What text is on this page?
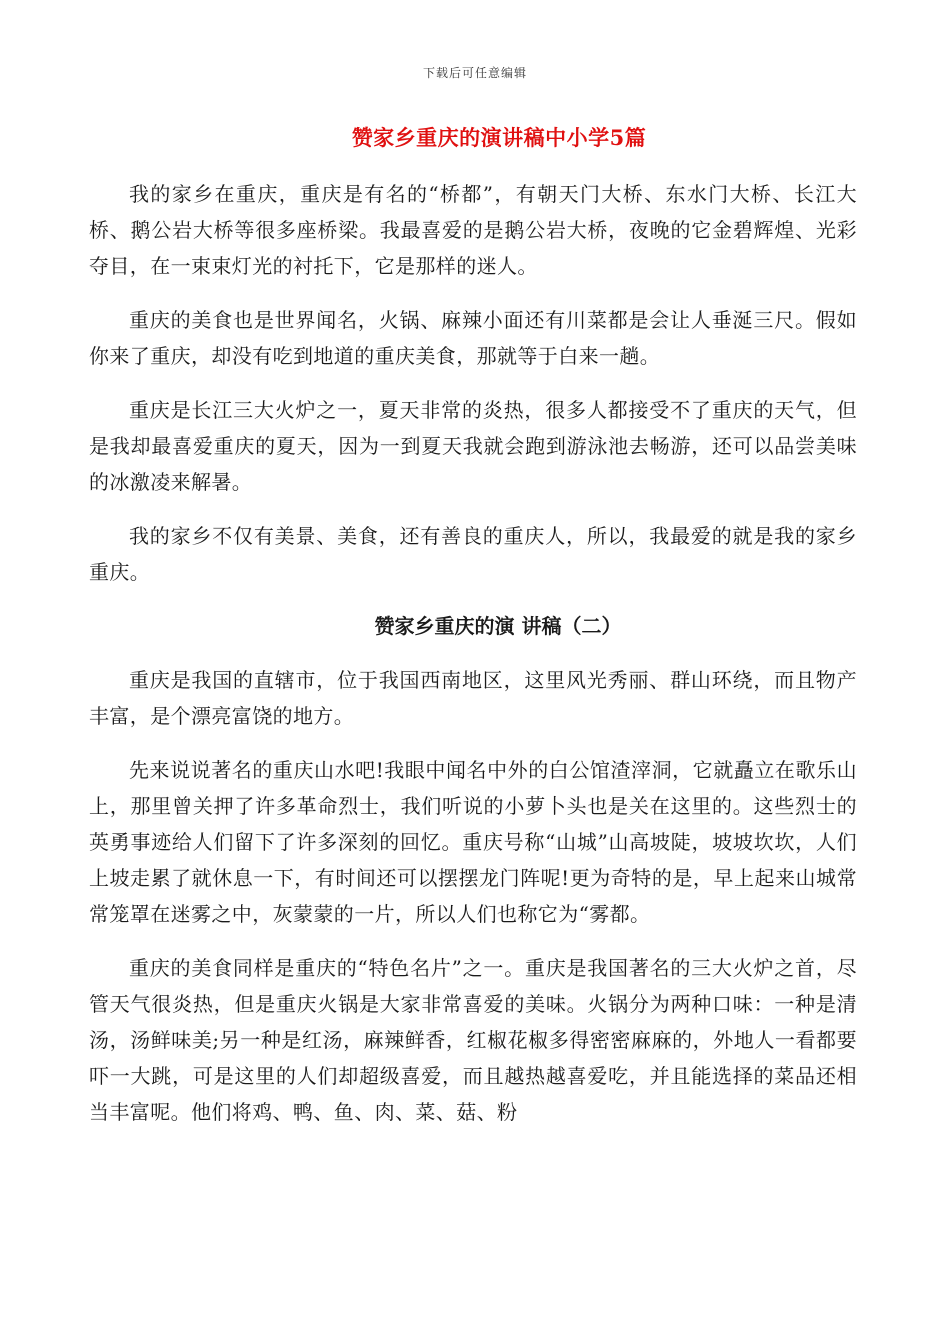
下载后可任意编辑
赞家乡重庆的演讲稿中小学5篇

我的家乡在重庆，重庆是有名的“桥都”，有朝天门大桥、东水门大桥、长江大桥、鹅公岩大桥等很多座桥梁。我最喜爱的是鹅公岩大桥，夜晚的它金碧辉煌、光彩夺目，在一束束灯光的衬托下，它是那样的迷人。

重庆的美食也是世界闻名，火锅、麻辣小面还有川菜都是会让人垂涎三尺。假如你来了重庆，却没有吃到地道的重庆美食，那就等于白来一趟。

重庆是长江三大火炉之一，夏天非常的炎热，很多人都接受不了重庆的天气，但是我却最喜爱重庆的夏天，因为一到夏天我就会跑到游泳池去畅游，还可以品尝美味的冰激凌来解暑。

我的家乡不仅有美景、美食，还有善良的重庆人，所以，我最爱的就是我的家乡重庆。

赞家乡重庆的演 讲稿（二）

重庆是我国的直辖市，位于我国西南地区，这里风光秀丽、群山环绕，而且物产丰富，是个漂亮富饶的地方。

先来说说著名的重庆山水吧!我眼中闻名中外的白公馆渣滓洞，它就矗立在歌乐山上，那里曾关押了许多革命烈士，我们听说的小萝卜头也是关在这里的。这些烈士的英勇事迹给人们留下了许多深刻的回忆。重庆号称“山城”山高坡陡，坡坡坎坎，人们上坡走累了就休息一下，有时间还可以摆摆龙门阵呢!更为奇特的是，早上起来山城常常笼罩在迷雾之中，灰蒙蒙的一片，所以人们也称它为“雾都。

重庆的美食同样是重庆的“特色名片”之一。重庆是我国著名的三大火炉之首，尽管天气很炎热，但是重庆火锅是大家非常喜爱的美味。火锅分为两种口味：一种是清汤，汤鲜味美;另一种是红汤，麻辣鲜香，红椒花椒多得密密麻麻的，外地人一看都要吓一大跳，可是这里的人们却超级喜爱，而且越热越喜爱吃，并且能选择的菜品还相当丰富呢。他们将鸡、鸭、鱼、肉、菜、菇、粉
